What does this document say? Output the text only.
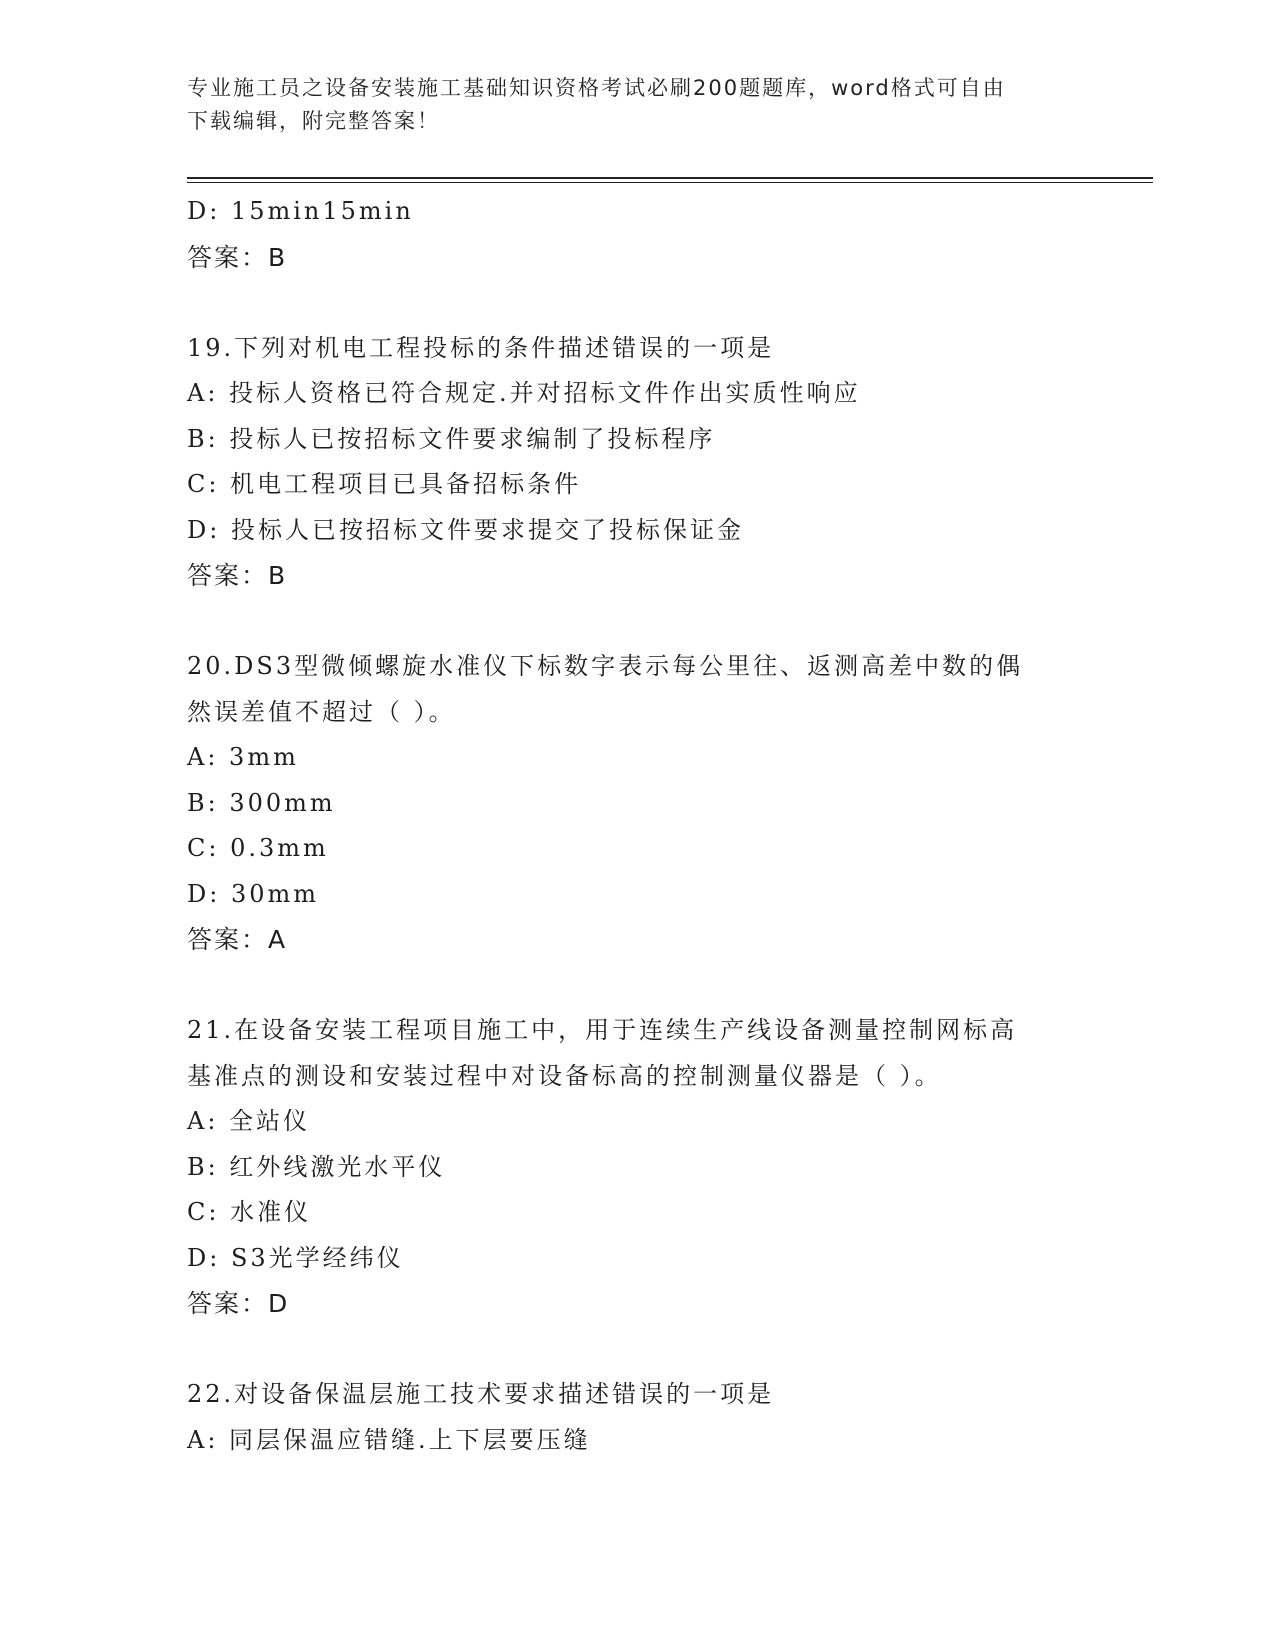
专业施工员之设备安装施工基础知识资格考试必刷200题题库，word格式可自由
下载编辑，附完整答案！
D: 15min15min
答案：B
19.下列对机电工程投标的条件描述错误的一项是
A: 投标人资格已符合规定.并对招标文件作出实质性响应
B: 投标人已按招标文件要求编制了投标程序
C: 机电工程项目已具备招标条件
D: 投标人已按招标文件要求提交了投标保证金
答案：B
20.DS3型微倾螺旋水准仪下标数字表示每公里往、返测高差中数的偶
然误差值不超过（ ）。
A: 3mm
B: 300mm
C: 0.3mm
D: 30mm
答案：A
21.在设备安装工程项目施工中，用于连续生产线设备测量控制网标高
基准点的测设和安装过程中对设备标高的控制测量仪器是（ ）。
A: 全站仪
B: 红外线激光水平仪
C: 水准仪
D: S3光学经纬仪
答案：D
22.对设备保温层施工技术要求描述错误的一项是
A: 同层保温应错缝.上下层要压缝
